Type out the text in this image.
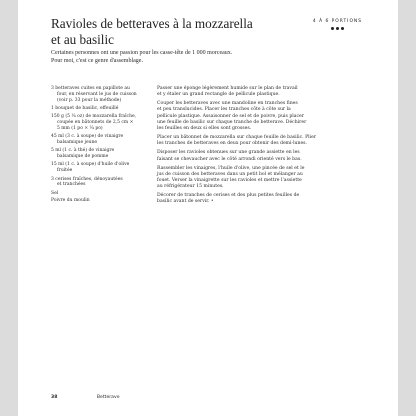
Ravioles de betteraves à la mozzarella
et au basilic
4 À 6 PORTIONS

Certaines personnes ont une passion pour les casse-tête de 1 000 morceaux.
Pour moi, c'est ce genre d'assemblage.

3 betteraves cuites en papillote au
four, en réservant le jus de cuisson
(voir p. 33 pour la méthode)
1 bouquet de basilic, effeuillé
150 g (5 ¼ oz) de mozzarella fraîche,
coupée en bâtonnets de 2,5 cm ×
5 mm (1 po × ¼ po)
45 ml (3 c. à soupe) de vinaigre
balsamique jeune
5 ml (1 c. à thé) de vinaigre
balsamique de pomme
15 ml (1 c. à soupe) d'huile d'olive
fruitée
3 cerises fraîches, dénoyautées
et tranchées
Sel
Poivre du moulin

Passer une éponge légèrement humide sur le plan de travail
et y étaler un grand rectangle de pellicule plastique.

Couper les betteraves avec une mandoline en tranches fines
et peu translucides. Placer les tranches côte à côte sur la
pellicule plastique. Assaisonner de sel et de poivre, puis placer
une feuille de basilic sur chaque tranche de betterave. Déchirer
les feuilles en deux si elles sont grosses.

Placer un bâtonnet de mozzarella sur chaque feuille de basilic. Plier
les tranches de betteraves en deux pour obtenir des demi-lunes.

Disposer les ravioles obtenues sur une grande assiette en les
faisant se chevaucher avec le côté arrondi orienté vers le bas.

Rassembler les vinaigres, l'huile d'olive, une pincée de sel et le
jus de cuisson des betteraves dans un petit bol et mélanger au
fouet. Verser la vinaigrette sur les ravioles et mettre l'assiette
au réfrigérateur 15 minutes.

Décorer de tranches de cerises et des plus petites feuilles de
basilic avant de servir. •

38	Betterave
